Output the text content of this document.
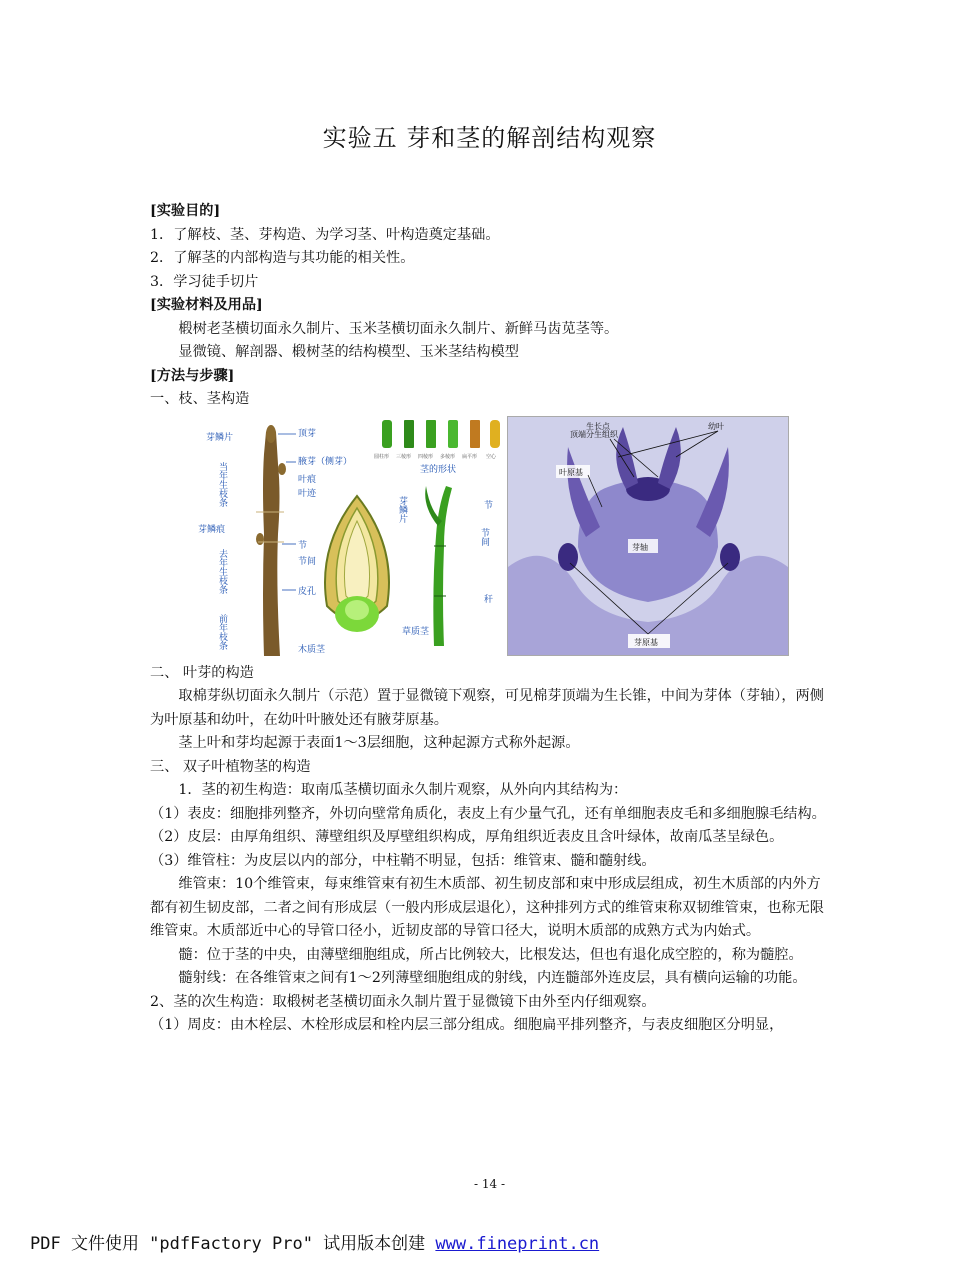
实验五 芽和茎的解剖结构观察

[实验目的]

1．了解枝、茎、芽构造、为学习茎、叶构造奠定基础。

2．了解茎的内部构造与其功能的相关性。

3．学习徒手切片

[实验材料及用品]

椴树老茎横切面永久制片、玉米茎横切面永久制片、新鲜马齿苋茎等。

显微镜、解剖器、椴树茎的结构模型、玉米茎结构模型

[方法与步骤]

一、枝、茎构造

芽鳞片
当年生枝条
芽鳞痕
去年生枝条
前年枝条
顶芽
腋芽（侧芽）
叶痕
叶迹
节
节间
皮孔
木质茎
圆柱形 三棱形 四棱形 多棱形 扁平形 空心
茎的形状
节
节间
芽鳞片
秆
草质茎
芽轴
生长点
顶端分生组织
幼叶
叶原基
芽原基

二、 叶芽的构造

取棉芽纵切面永久制片（示范）置于显微镜下观察，可见棉芽顶端为生长锥，中间为芽体（芽轴），两侧为叶原基和幼叶，在幼叶叶腋处还有腋芽原基。

茎上叶和芽均起源于表面1～3层细胞，这种起源方式称外起源。

三、 双子叶植物茎的构造

1．茎的初生构造：取南瓜茎横切面永久制片观察，从外向内其结构为：

（1）表皮：细胞排列整齐，外切向壁常角质化，表皮上有少量气孔，还有单细胞表皮毛和多细胞腺毛结构。

（2）皮层：由厚角组织、薄壁组织及厚壁组织构成，厚角组织近表皮且含叶绿体，故南瓜茎呈绿色。

（3）维管柱：为皮层以内的部分，中柱鞘不明显，包括：维管束、髓和髓射线。

维管束：10个维管束，每束维管束有初生木质部、初生韧皮部和束中形成层组成，初生木质部的内外方都有初生韧皮部，二者之间有形成层（一般内形成层退化），这种排列方式的维管束称双韧维管束，也称无限维管束。木质部近中心的导管口径小，近韧皮部的导管口径大，说明木质部的成熟方式为内始式。

髓：位于茎的中央，由薄壁细胞组成，所占比例较大，比根发达，但也有退化成空腔的，称为髓腔。

髓射线：在各维管束之间有1～2列薄壁细胞组成的射线，内连髓部外连皮层，具有横向运输的功能。

2、茎的次生构造：取椴树老茎横切面永久制片置于显微镜下由外至内仔细观察。

（1）周皮：由木栓层、木栓形成层和栓内层三部分组成。细胞扁平排列整齐，与表皮细胞区分明显，

- 14 -
PDF 文件使用 "pdfFactory Pro" 试用版本创建 www.fineprint.cn
